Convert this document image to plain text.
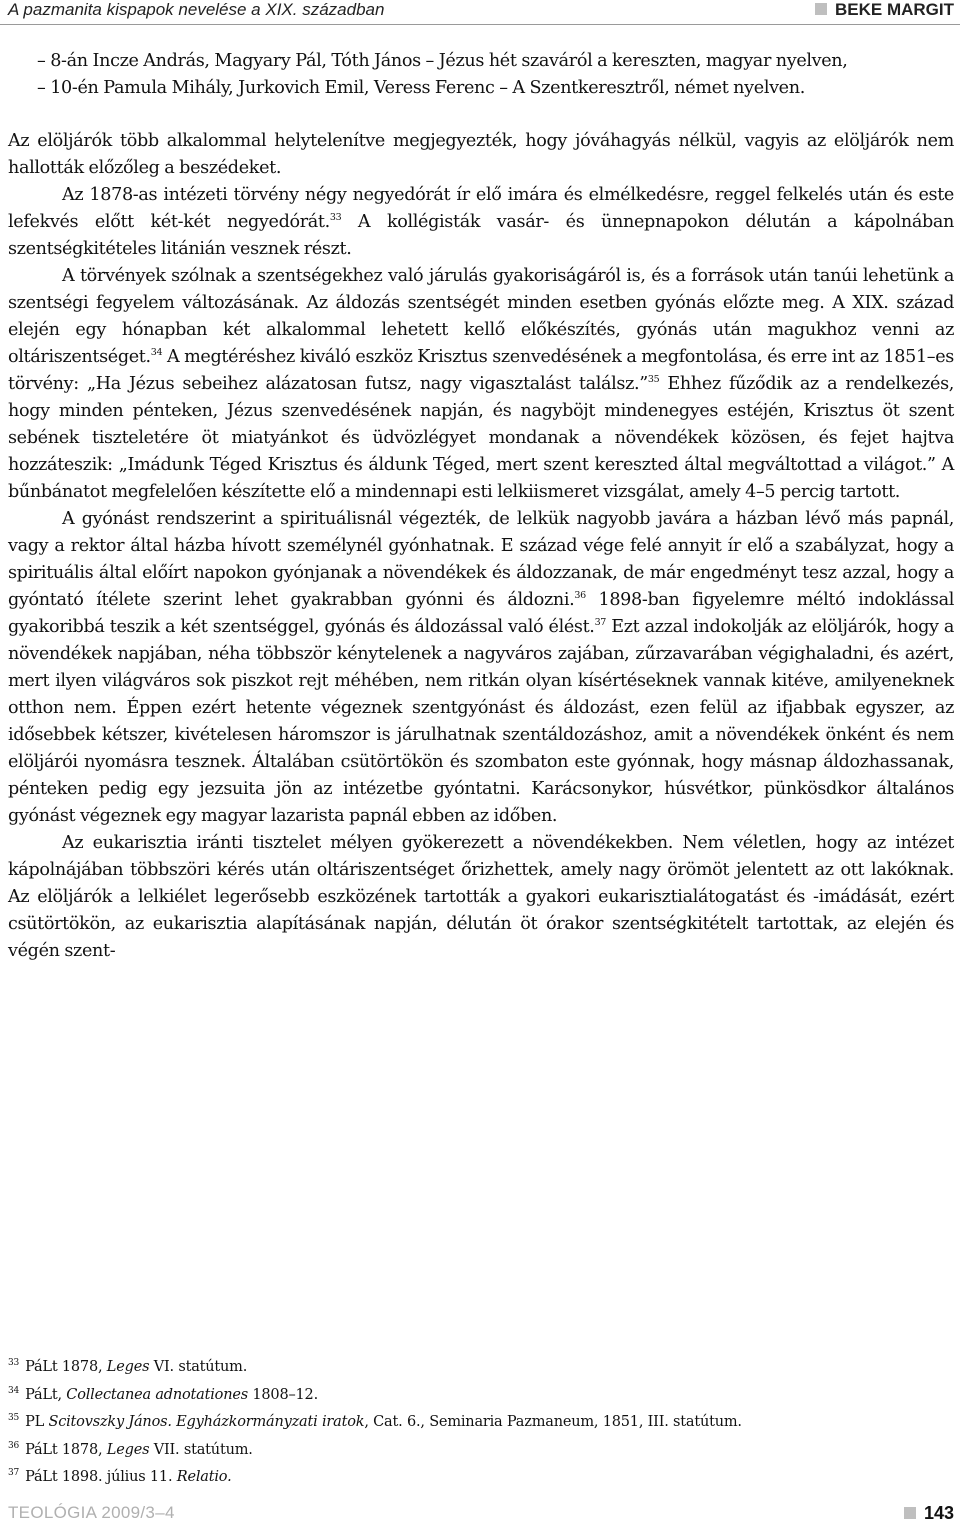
A pazmanita kispapok nevelése a XIX. században	BEKE MARGIT

– 8-án Incze András, Magyary Pál, Tóth János – Jézus hét szaváról a kereszten, magyar nyelven,

– 10-én Pamula Mihály, Jurkovich Emil, Veress Ferenc – A Szentkeresztről, német nyelven.

Az elöljárók több alkalommal helytelenítve megjegyezték, hogy jóváhagyás nélkül, vagyis az elöljárók nem hallották előzőleg a beszédeket.

Az 1878-as intézeti törvény négy negyedórát ír elő imára és elmélkedésre, reggel felkelés után és este lefekvés előtt két-két negyedórát.$^{33}$ A kollégisták vasár- és ünnepnapokon délután a kápolnában szentségkitételes litánián vesznek részt.

A törvények szólnak a szentségekhez való járulás gyakoriságáról is, és a források után tanúi lehetünk a szentségi fegyelem változásának. Az áldozás szentségét minden esetben gyónás előzte meg. A XIX. század elején egy hónapban két alkalommal lehetett kellő előkészítés, gyónás után magukhoz venni az oltáriszentséget.$^{34}$ A megtéréshez kiváló eszköz Krisztus szenvedésének a megfontolása, és erre int az 1851–es törvény: „Ha Jézus sebeihez alázatosan futsz, nagy vigasztalást találsz.”$^{35}$ Ehhez fűződik az a rendelkezés, hogy minden pénteken, Jézus szenvedésének napján, és nagyböjt mindenegyes estéjén, Krisztus öt szent sebének tiszteletére öt miatyánkot és üdvözlégyet mondanak a növendékek közösen, és fejet hajtva hozzáteszik: „Imádunk Téged Krisztus és áldunk Téged, mert szent kereszted által megváltottad a világot.” A bűnbánatot megfelelően készítette elő a mindennapi esti lelkiismeret vizsgálat, amely 4–5 percig tartott.

A gyónást rendszerint a spirituálisnál végezték, de lelkük nagyobb javára a házban lévő más papnál, vagy a rektor által házba hívott személynél gyónhatnak. E század vége felé annyit ír elő a szabályzat, hogy a spirituális által előírt napokon gyónjanak a növendékek és áldozzanak, de már engedményt tesz azzal, hogy a gyóntató ítélete szerint lehet gyakrabban gyónni és áldozni.$^{36}$ 1898-ban figyelemre méltó indoklással gyakoribbá teszik a két szentséggel, gyónás és áldozással való élést.$^{37}$ Ezt azzal indokolják az elöljárók, hogy a növendékek napjában, néha többször kénytelenek a nagyváros zajában, zűrzavarában végighaladni, és azért, mert ilyen világváros sok piszkot rejt méhében, nem ritkán olyan kísértéseknek vannak kitéve, amilyeneknek otthon nem. Éppen ezért hetente végeznek szentgyónást és áldozást, ezen felül az ifjabbak egyszer, az idősebbek kétszer, kivételesen háromszor is járulhatnak szentáldozáshoz, amit a növendékek önként és nem elöljárói nyomásra tesznek. Általában csütörtökön és szombaton este gyónnak, hogy másnap áldozhassanak, pénteken pedig egy jezsuita jön az intézetbe gyóntatni. Karácsonykor, húsvétkor, pünkösdkor általános gyónást végeznek egy magyar lazarista papnál ebben az időben.

Az eukarisztia iránti tisztelet mélyen gyökerezett a növendékekben. Nem véletlen, hogy az intézet kápolnájában többszöri kérés után oltáriszentséget őrizhettek, amely nagy örömöt jelentett az ott lakóknak. Az elöljárók a lelkiélet legerősebb eszközének tartották a gyakori eukarisztialátogatást és -imádását, ezért csütörtökön, az eukarisztia alapításának napján, délután öt órakor szentségkitételt tartottak, az elején és végén szent-

$^{33}$ PáLt 1878, Leges VI. statútum.
$^{34}$ PáLt, Collectanea adnotationes 1808–12.
$^{35}$ PL Scitovszky János. Egyházkormányzati iratok, Cat. 6., Seminaria Pazmaneum, 1851, III. statútum.
$^{36}$ PáLt 1878, Leges VII. statútum.
$^{37}$ PáLt 1898. július 11. Relatio.
TEOLÓGIA 2009/3–4	143
